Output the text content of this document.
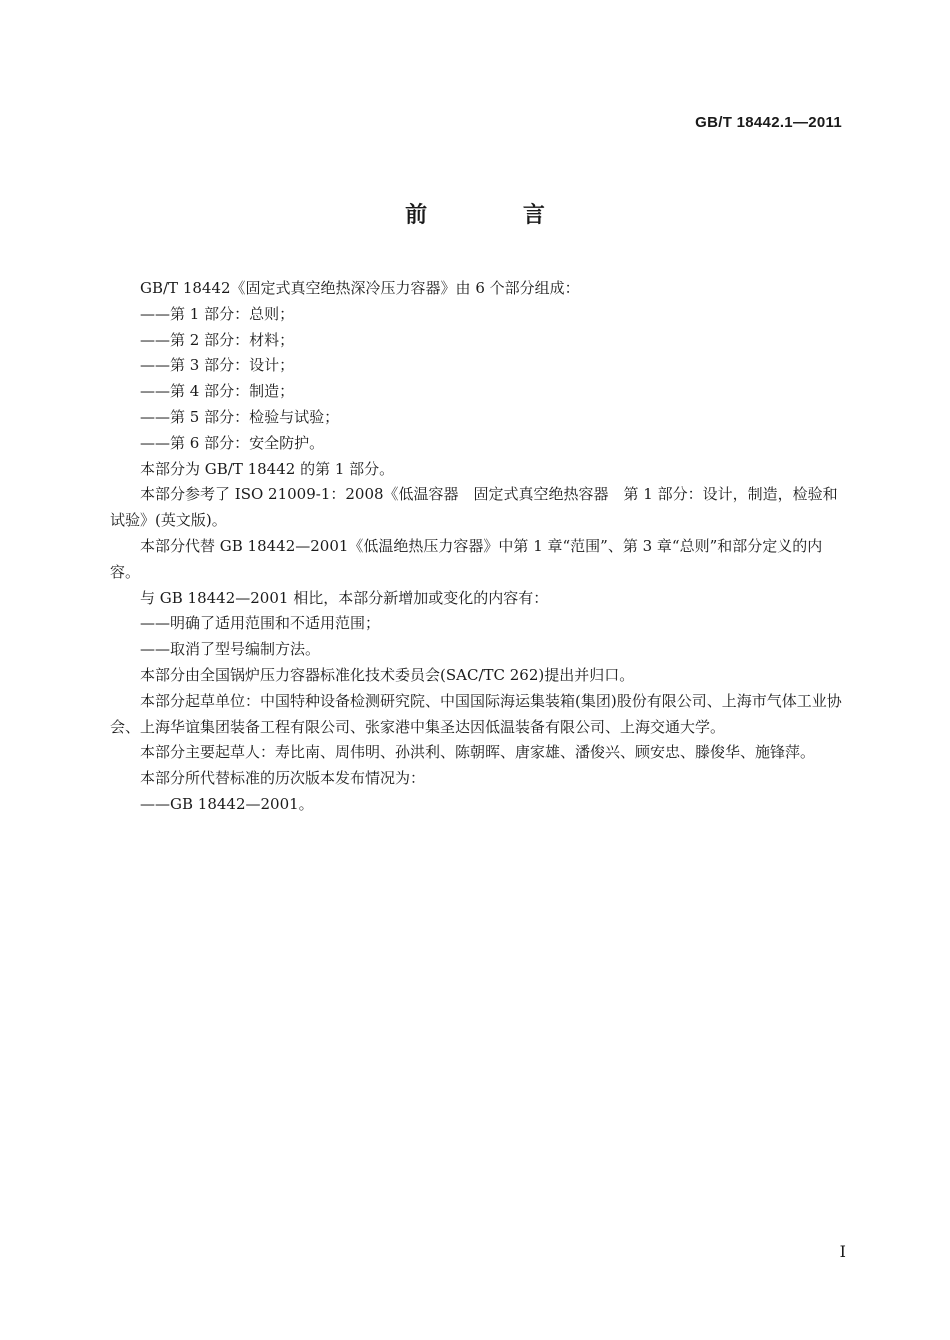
GB/T 18442.1—2011
前 言

GB/T 18442《固定式真空绝热深冷压力容器》由 6 个部分组成：

——第 1 部分：总则；

——第 2 部分：材料；

——第 3 部分：设计；

——第 4 部分：制造；

——第 5 部分：检验与试验；

——第 6 部分：安全防护。

本部分为 GB/T 18442 的第 1 部分。

本部分参考了 ISO 21009-1：2008《低温容器　固定式真空绝热容器　第 1 部分：设计，制造，检验和试验》(英文版)。

本部分代替 GB 18442—2001《低温绝热压力容器》中第 1 章“范围”、第 3 章“总则”和部分定义的内容。

与 GB 18442—2001 相比，本部分新增加或变化的内容有：

——明确了适用范围和不适用范围；

——取消了型号编制方法。

本部分由全国锅炉压力容器标准化技术委员会(SAC/TC 262)提出并归口。

本部分起草单位：中国特种设备检测研究院、中国国际海运集装箱(集团)股份有限公司、上海市气体工业协会、上海华谊集团装备工程有限公司、张家港中集圣达因低温装备有限公司、上海交通大学。

本部分主要起草人：寿比南、周伟明、孙洪利、陈朝晖、唐家雄、潘俊兴、顾安忠、滕俊华、施锋萍。

本部分所代替标准的历次版本发布情况为：

——GB 18442—2001。

I
